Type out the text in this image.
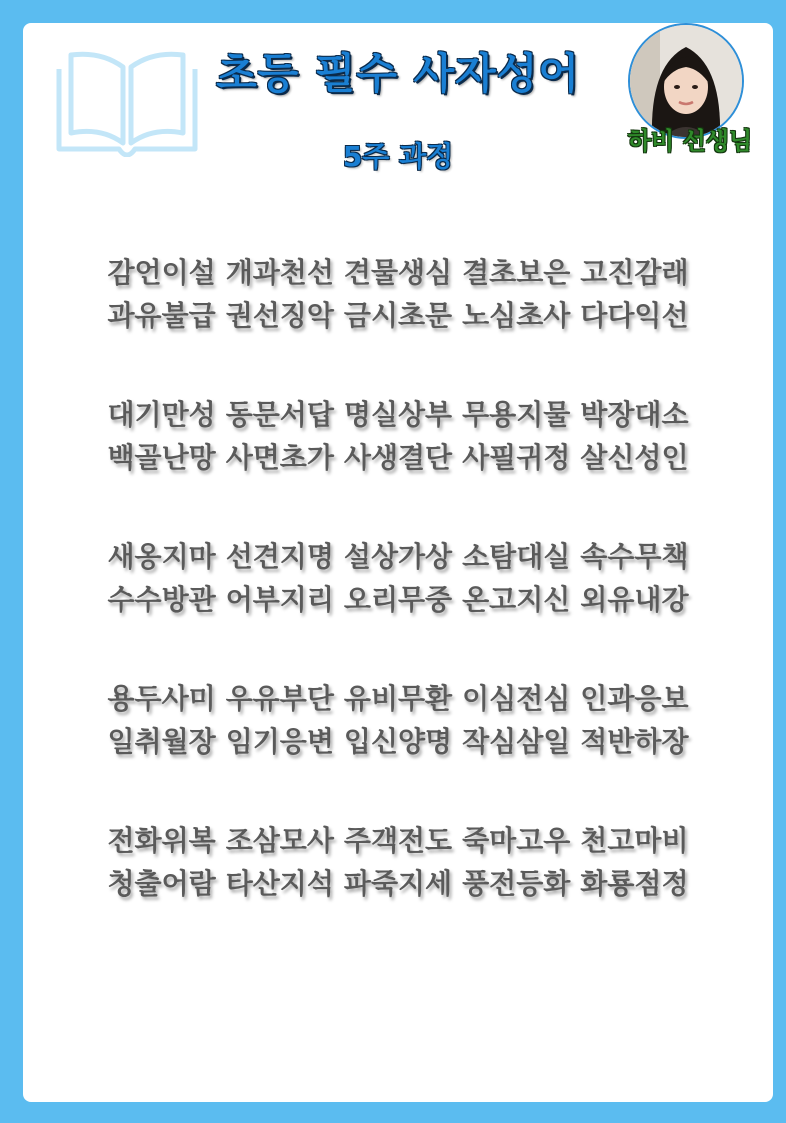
초등 필수 사자성어
5주 과정	하비 선생님
감언이설 개과천선 견물생심 결초보은 고진감래
과유불급 권선징악 금시초문 노심초사 다다익선
대기만성 동문서답 명실상부 무용지물 박장대소
백골난망 사면초가 사생결단 사필귀정 살신성인
새옹지마 선견지명 설상가상 소탐대실 속수무책
수수방관 어부지리 오리무중 온고지신 외유내강
용두사미 우유부단 유비무환 이심전심 인과응보
일취월장 임기응변 입신양명 작심삼일 적반하장
전화위복 조삼모사 주객전도 죽마고우 천고마비
청출어람 타산지석 파죽지세 풍전등화 화룡점정
